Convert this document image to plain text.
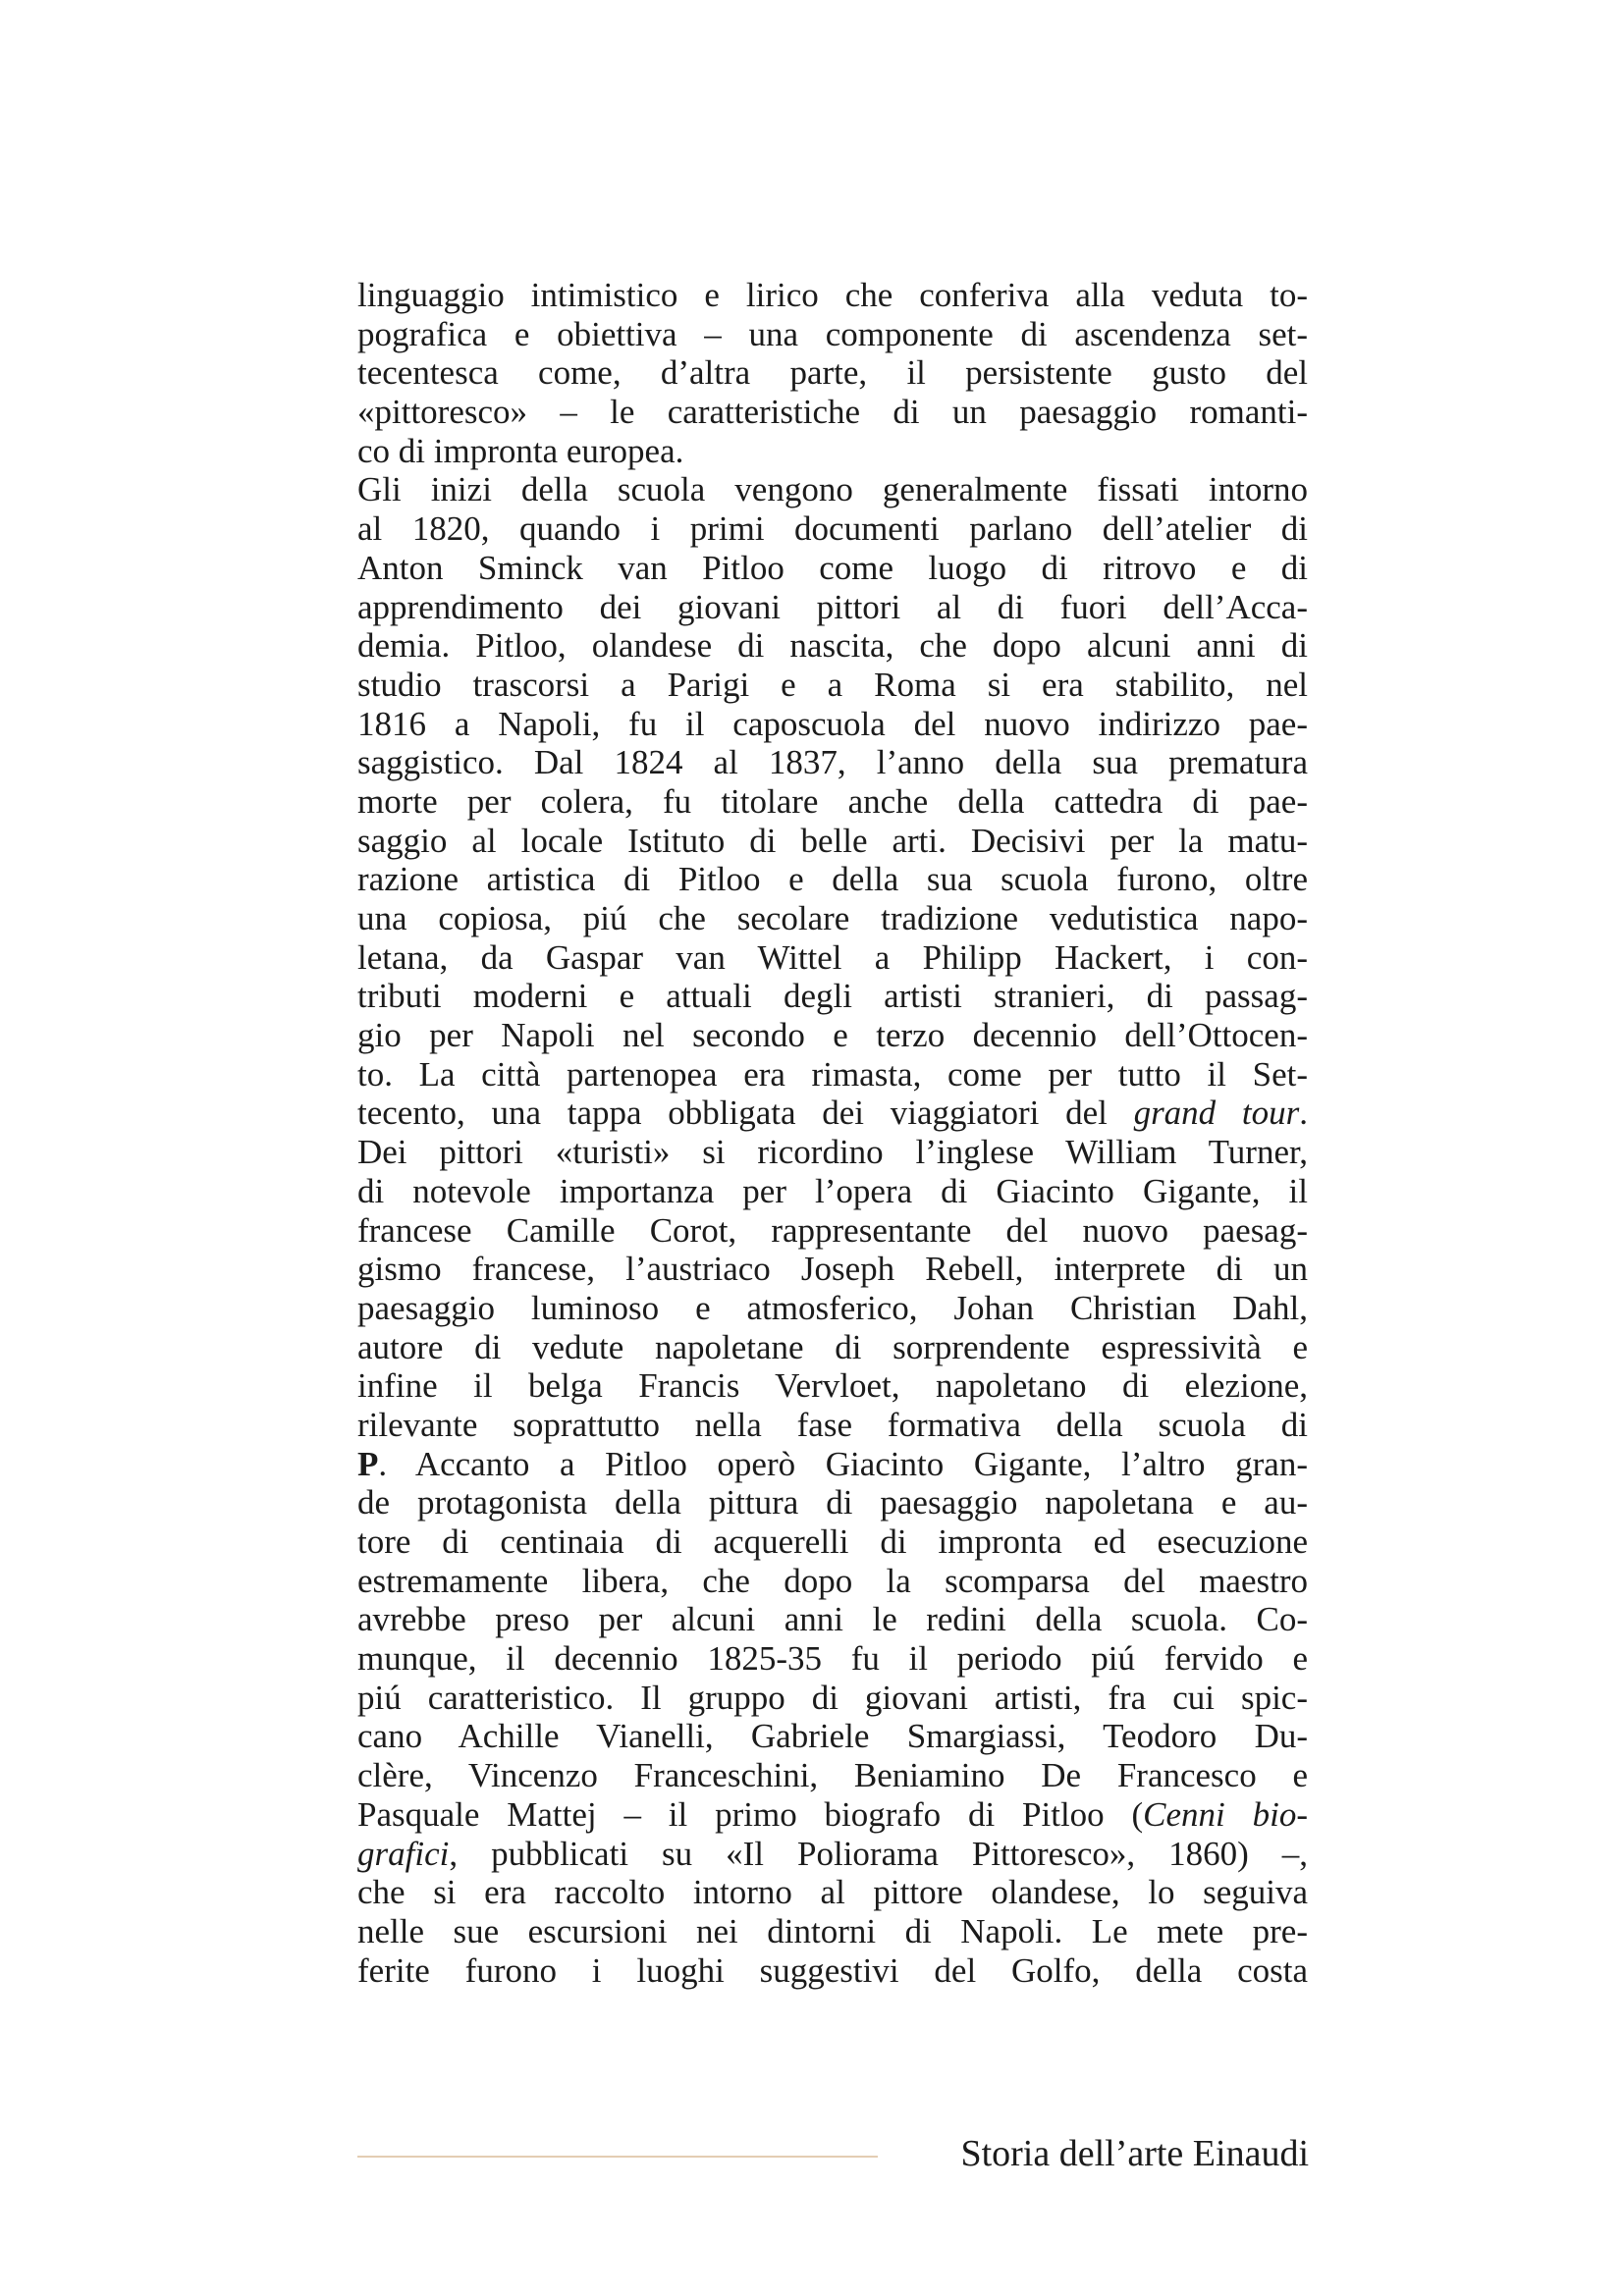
linguaggio intimistico e lirico che conferiva alla veduta to-
pografica e obiettiva – una componente di ascendenza set-
tecentesca come, d’altra parte, il persistente gusto del
«pittoresco» – le caratteristiche di un paesaggio romanti-
co di impronta europea.
Gli inizi della scuola vengono generalmente fissati intorno
al 1820, quando i primi documenti parlano dell’atelier di
Anton Sminck van Pitloo come luogo di ritrovo e di
apprendimento dei giovani pittori al di fuori dell’Acca-
demia. Pitloo, olandese di nascita, che dopo alcuni anni di
studio trascorsi a Parigi e a Roma si era stabilito, nel
1816 a Napoli, fu il caposcuola del nuovo indirizzo pae-
saggistico. Dal 1824 al 1837, l’anno della sua prematura
morte per colera, fu titolare anche della cattedra di pae-
saggio al locale Istituto di belle arti. Decisivi per la matu-
razione artistica di Pitloo e della sua scuola furono, oltre
una copiosa, piú che secolare tradizione vedutistica napo-
letana, da Gaspar van Wittel a Philipp Hackert, i con-
tributi moderni e attuali degli artisti stranieri, di passag-
gio per Napoli nel secondo e terzo decennio dell’Ottocen-
to. La città partenopea era rimasta, come per tutto il Set-
tecento, una tappa obbligata dei viaggiatori del grand tour.
Dei pittori «turisti» si ricordino l’inglese William Turner,
di notevole importanza per l’opera di Giacinto Gigante, il
francese Camille Corot, rappresentante del nuovo paesag-
gismo francese, l’austriaco Joseph Rebell, interprete di un
paesaggio luminoso e atmosferico, Johan Christian Dahl,
autore di vedute napoletane di sorprendente espressività e
infine il belga Francis Vervloet, napoletano di elezione,
rilevante soprattutto nella fase formativa della scuola di
P. Accanto a Pitloo operò Giacinto Gigante, l’altro gran-
de protagonista della pittura di paesaggio napoletana e au-
tore di centinaia di acquerelli di impronta ed esecuzione
estremamente libera, che dopo la scomparsa del maestro
avrebbe preso per alcuni anni le redini della scuola. Co-
munque, il decennio 1825-35 fu il periodo piú fervido e
piú caratteristico. Il gruppo di giovani artisti, fra cui spic-
cano Achille Vianelli, Gabriele Smargiassi, Teodoro Du-
clère, Vincenzo Franceschini, Beniamino De Francesco e
Pasquale Mattej – il primo biografo di Pitloo (Cenni bio-
grafici, pubblicati su «Il Poliorama Pittoresco», 1860) –,
che si era raccolto intorno al pittore olandese, lo seguiva
nelle sue escursioni nei dintorni di Napoli. Le mete pre-
ferite furono i luoghi suggestivi del Golfo, della costa
Storia dell’arte Einaudi
